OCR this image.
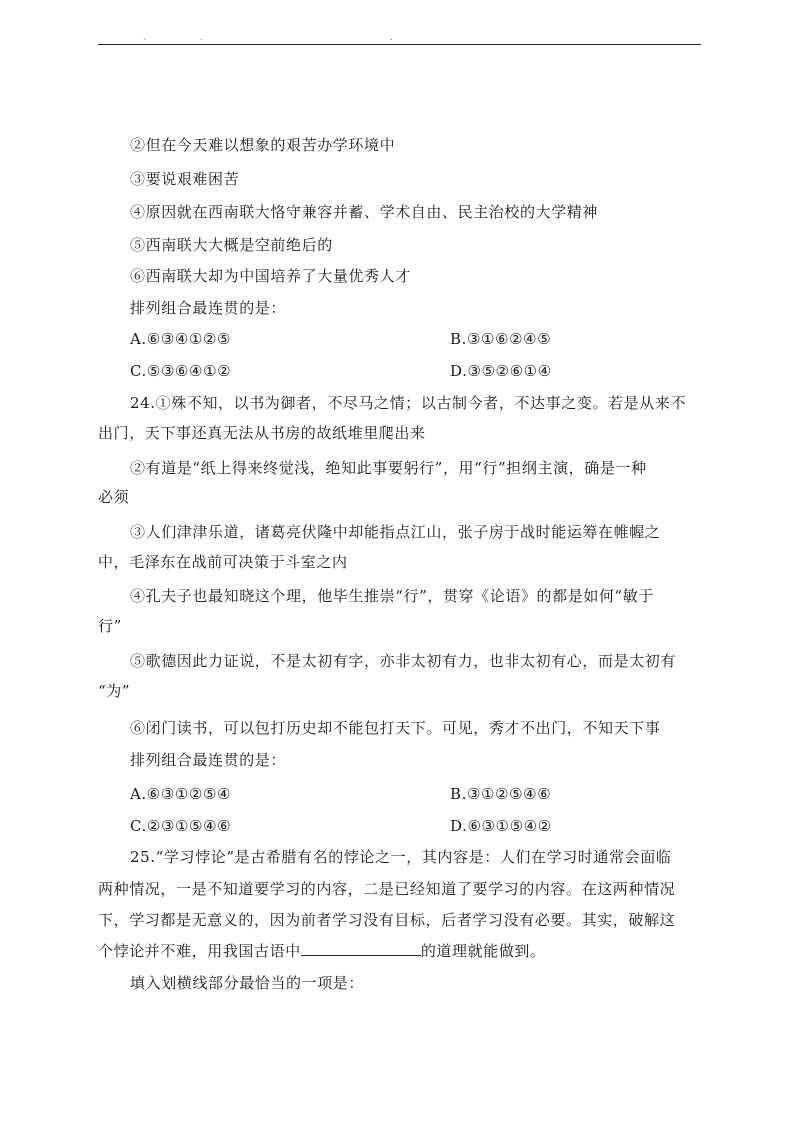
.	.	.
②但在今天难以想象的艰苦办学环境中
③要说艰难困苦
④原因就在西南联大恪守兼容并蓄、学术自由、民主治校的大学精神
⑤西南联大大概是空前绝后的
⑥西南联大却为中国培养了大量优秀人才
排列组合最连贯的是：
A.⑥③④①②⑤	B.③①⑥②④⑤
C.⑤③⑥④①②	D.③⑤②⑥①④
24.①殊不知，以书为御者，不尽马之情；以古制今者，不达事之变。若是从来不
出门，天下事还真无法从书房的故纸堆里爬出来
②有道是“纸上得来终觉浅，绝知此事要躬行”，用“行”担纲主演，确是一种
必须
③人们津津乐道，诸葛亮伏隆中却能指点江山，张子房于战时能运筹在帷幄之
中，毛泽东在战前可决策于斗室之内
④孔夫子也最知晓这个理，他毕生推崇“行”，贯穿《论语》的都是如何“敏于
行”
⑤歌德因此力证说，不是太初有字，亦非太初有力，也非太初有心，而是太初有
“为”
⑥闭门读书，可以包打历史却不能包打天下。可见，秀才不出门，不知天下事
排列组合最连贯的是：
A.⑥③①②⑤④	B.③①②⑤④⑥
C.②③①⑤④⑥	D.⑥③①⑤④②
25.“学习悖论”是古希腊有名的悖论之一，其内容是：人们在学习时通常会面临
两种情况，一是不知道要学习的内容，二是已经知道了要学习的内容。在这两种情况
下，学习都是无意义的，因为前者学习没有目标，后者学习没有必要。其实，破解这
个悖论并不难，用我国古语中	的道理就能做到。
填入划横线部分最恰当的一项是：
